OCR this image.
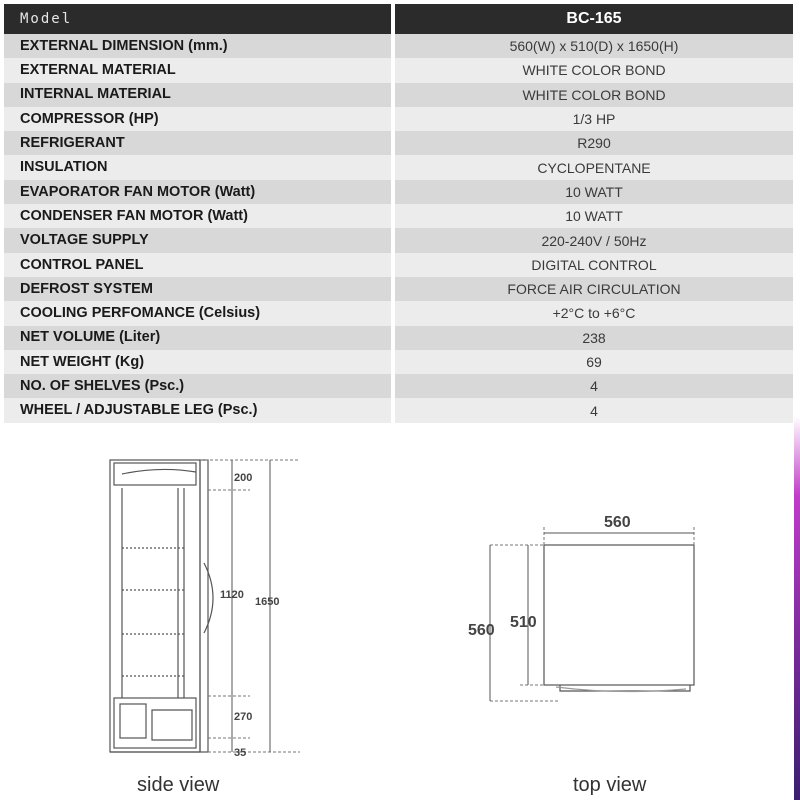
Model	BC-165
EXTERNAL DIMENSION (mm.)	560(W) x 510(D) x 1650(H)
EXTERNAL MATERIAL	WHITE COLOR BOND
INTERNAL MATERIAL	WHITE COLOR BOND
COMPRESSOR (HP)	1/3 HP
REFRIGERANT	R290
INSULATION	CYCLOPENTANE
EVAPORATOR FAN MOTOR (Watt)	10 WATT
CONDENSER FAN MOTOR (Watt)	10 WATT
VOLTAGE SUPPLY	220-240V / 50Hz
CONTROL PANEL	DIGITAL CONTROL
DEFROST SYSTEM	FORCE AIR CIRCULATION
COOLING PERFOMANCE (Celsius)	+2°C to +6°C
NET VOLUME (Liter)	238
NET WEIGHT (Kg)	69
NO. OF SHELVES (Psc.)	4
WHEEL / ADJUSTABLE LEG (Psc.)	4
200
1120
1650
270
35
560
560 510
side view	top view
